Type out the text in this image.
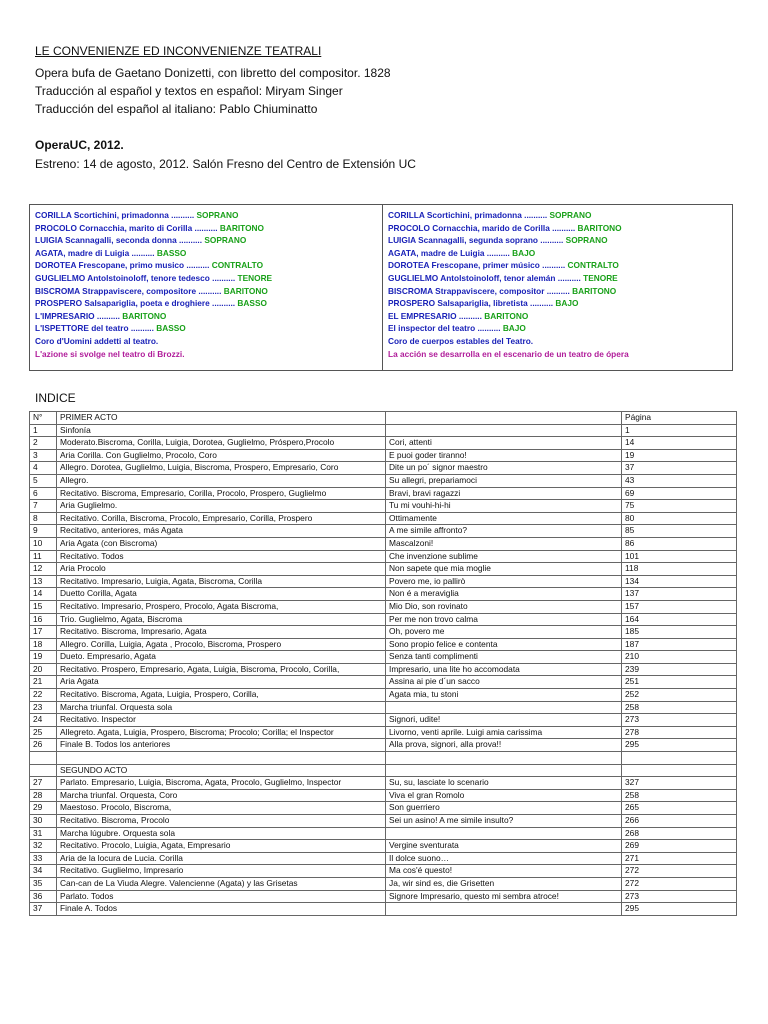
LE CONVENIENZE ED INCONVENIENZE TEATRALI
Opera bufa de Gaetano Donizetti, con libretto del compositor. 1828
Traducción al español y textos en español: Miryam Singer
Traducción del español al italiano: Pablo Chiuminatto
OperaUC, 2012.
Estreno: 14 de agosto, 2012. Salón Fresno del Centro de Extensión UC
CORILLA Scortichini, primadonna .......... SOPRANO
PROCOLO Cornacchia, marito di Corilla .......... BARITONO
LUIGIA Scannagalli, seconda donna .......... SOPRANO
AGATA, madre di Luigia .......... BASSO
DOROTEA Frescopane, primo musico .......... CONTRALTO
GUGLIELMO Antolstoinoloff, tenore tedesco .......... TENORE
BISCROMA Strappaviscere, compositore .......... BARITONO
PROSPERO Salsapariglia, poeta e droghiere .......... BASSO
L'IMPRESARIO .......... BARITONO
L'ISPETTORE del teatro .......... BASSO
Coro d'Uomini addetti al teatro.
L'azione si svolge nel teatro di Brozzi.
CORILLA Scortichini, primadonna .......... SOPRANO
PROCOLO Cornacchia, marido de Corilla .......... BARITONO
LUIGIA Scannagalli, segunda soprano .......... SOPRANO
AGATA, madre de Luigia .......... BAJO
DOROTEA Frescopane, primer músico .......... CONTRALTO
GUGLIELMO Antolstoinoloff, tenor alemán .......... TENORE
BISCROMA Strappaviscere, compositor .......... BARITONO
PROSPERO Salsapariglia, libretista .......... BAJO
EL EMPRESARIO .......... BARITONO
El inspector del teatro .......... BAJO
Coro de cuerpos estables del Teatro.
La acción se desarrolla en el escenario de un teatro de ópera
INDICE
N°	PRIMER ACTO		Página
1	Sinfonía		1
2	Moderato.Biscroma, Corilla, Luigia, Dorotea, Guglielmo, Próspero,Procolo	Cori, attenti	14
3	Aria Corilla. Con Guglielmo, Procolo, Coro	E puoi goder tiranno!	19
4	Allegro. Dorotea, Guglielmo, Luigia, Biscroma, Prospero, Empresario, Coro	Dite un po´ signor maestro	37
5	Allegro.	Su allegri, prepariamoci	43
6	Recitativo. Biscroma, Empresario, Corilla, Procolo, Prospero, Guglielmo	Bravi, bravi ragazzi	69
7	Aria Guglielmo.	Tu mi vouhi-hi-hi	75
8	Recitativo. Corilla, Biscroma, Procolo, Empresario, Corilla, Prospero	Ottimamente	80
9	Recitativo, anteriores, más Agata	A me simile affronto?	85
10	Aria Agata (con Biscroma)	Mascalzoni!	86
11	Recitativo. Todos	Che invenzione sublime	101
12	Aria Procolo	Non sapete que mia moglie	118
13	Recitativo. Impresario, Luigia, Agata, Biscroma, Corilla	Povero me, io pallirò	134
14	Duetto Corilla, Agata	Non é a meraviglia	137
15	Recitativo. Impresario, Prospero, Procolo, Agata Biscroma,	Mio Dio, son rovinato	157
16	Trio. Guglielmo, Agata, Biscroma	Per me non trovo calma	164
17	Recitativo. Biscroma, Impresario, Agata	Oh, povero me	185
18	Allegro. Corilla, Luigia, Agata , Procolo, Biscroma, Prospero	Sono propio felice e contenta	187
19	Dueto. Empresario, Agata	Senza tanti complimenti	210
20	Recitativo. Prospero, Empresario, Agata, Luigia, Biscroma, Procolo, Corilla,	Impresario, una lite ho accomodata	239
21	Aria Agata	Assina ai pie d´un sacco	251
22	Recitativo. Biscroma, Agata, Luigia, Prospero, Corilla,	Agata mia, tu stoni	252
23	Marcha triunfal. Orquesta sola		258
24	Recitativo. Inspector	Signori, udite!	273
25	Allegreto. Agata, Luigia, Prospero, Biscroma; Procolo; Corilla; el Inspector	Livorno, venti aprile. Luigi amia carissima	278
26	Finale B. Todos los anteriores	Alla prova, signori, alla prova!!	295

	SEGUNDO ACTO		
27	Parlato. Empresario, Luigia, Biscroma, Agata, Procolo, Guglielmo, Inspector	Su, su, lasciate lo scenario	327
28	Marcha triunfal. Orquesta, Coro	Viva el gran Romolo	258
29	Maestoso. Procolo, Biscroma,	Son guerriero	265
30	Recitativo. Biscroma, Procolo	Sei un asino! A me simile insulto?	266
31	Marcha lúgubre. Orquesta sola		268
32	Recitativo. Procolo, Luigia, Agata, Empresario	Vergine sventurata	269
33	Aria de la locura de Lucia. Corilla	Il dolce suono…	271
34	Recitativo. Guglielmo, Impresario	Ma cos'é questo!	272
35	Can-can de La Viuda Alegre. Valencienne (Agata) y las Grisetas	Ja, wir sind es, die Grisetten	272
36	Parlato. Todos	Signore Impresario, questo mi sembra atroce!	273
37	Finale A. Todos		295
